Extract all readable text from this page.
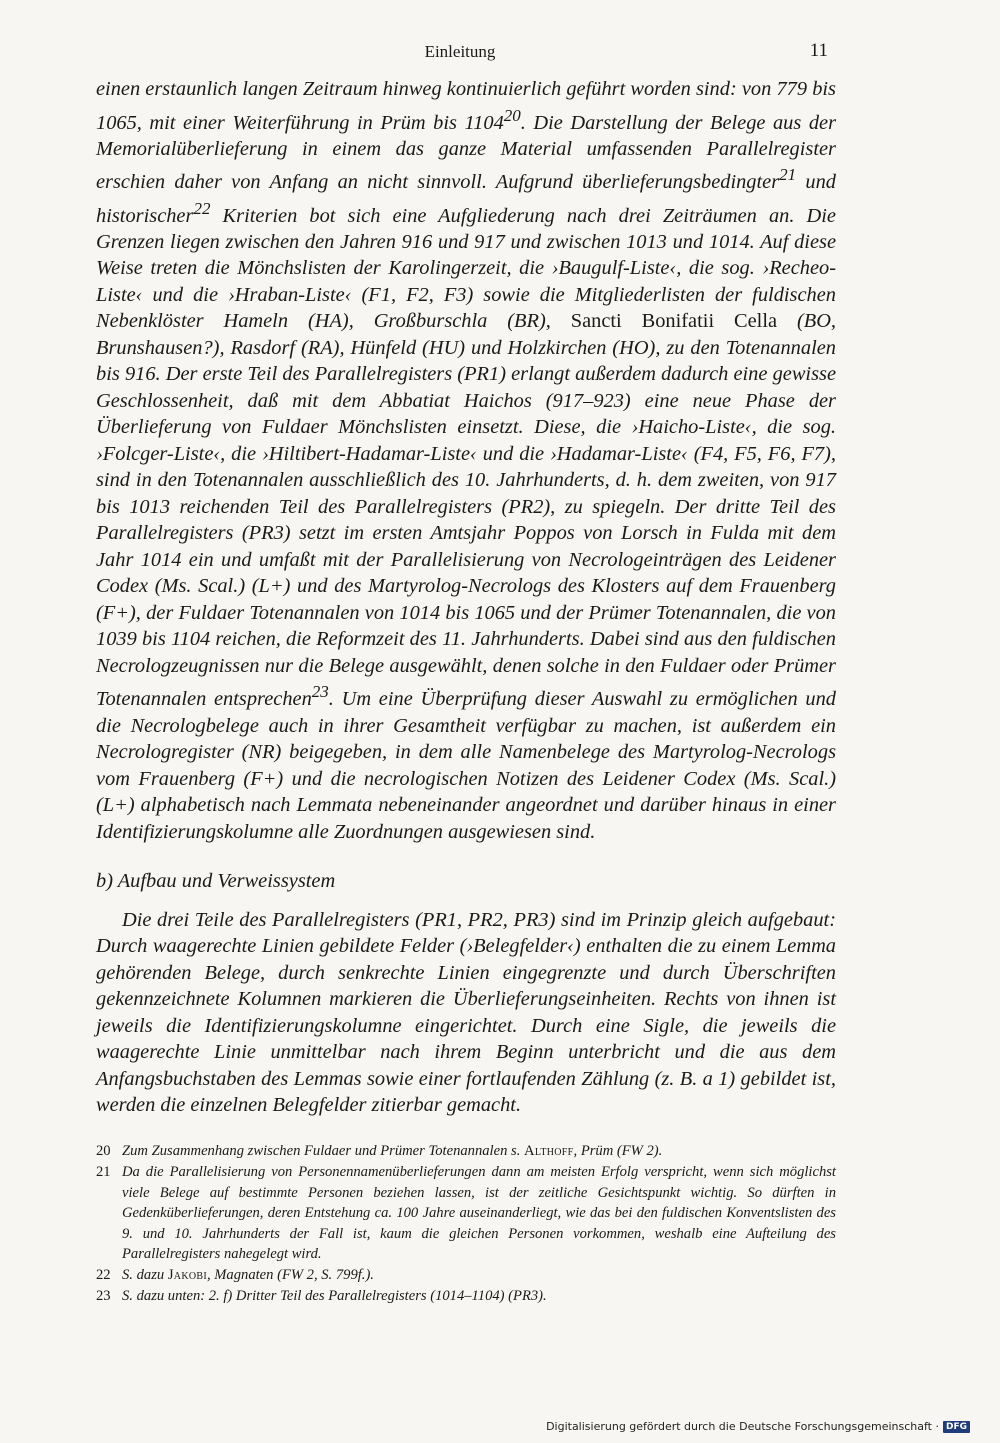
Einleitung	11

einen erstaunlich langen Zeitraum hinweg kontinuierlich geführt worden sind: von 779 bis 1065, mit einer Weiterführung in Prüm bis 1104$^{20}$. Die Darstellung der Belege aus der Memorialüberlieferung in einem das ganze Material umfassenden Parallelregister erschien daher von Anfang an nicht sinnvoll. Aufgrund überlieferungsbedingter$^{21}$ und historischer$^{22}$ Kriterien bot sich eine Aufgliederung nach drei Zeiträumen an. Die Grenzen liegen zwischen den Jahren 916 und 917 und zwischen 1013 und 1014. Auf diese Weise treten die Mönchslisten der Karolingerzeit, die ›Baugulf-Liste‹, die sog. ›Recheo-Liste‹ und die ›Hraban-Liste‹ (F1, F2, F3) sowie die Mitgliederlisten der fuldischen Nebenklöster Hameln (HA), Großburschla (BR), Sancti Bonifatii Cella (BO, Brunshausen?), Rasdorf (RA), Hünfeld (HU) und Holzkirchen (HO), zu den Totenannalen bis 916. Der erste Teil des Parallelregisters (PR1) erlangt außerdem dadurch eine gewisse Geschlossenheit, daß mit dem Abbatiat Haichos (917–923) eine neue Phase der Überlieferung von Fuldaer Mönchslisten einsetzt. Diese, die ›Haicho-Liste‹, die sog. ›Folcger-Liste‹, die ›Hiltibert-Hadamar-Liste‹ und die ›Hadamar-Liste‹ (F4, F5, F6, F7), sind in den Totenannalen ausschließlich des 10. Jahrhunderts, d. h. dem zweiten, von 917 bis 1013 reichenden Teil des Parallelregisters (PR2), zu spiegeln. Der dritte Teil des Parallelregisters (PR3) setzt im ersten Amtsjahr Poppos von Lorsch in Fulda mit dem Jahr 1014 ein und umfaßt mit der Parallelisierung von Necrologeinträgen des Leidener Codex (Ms. Scal.) (L+) und des Martyrolog-Necrologs des Klosters auf dem Frauenberg (F+), der Fuldaer Totenannalen von 1014 bis 1065 und der Prümer Totenannalen, die von 1039 bis 1104 reichen, die Reformzeit des 11. Jahrhunderts. Dabei sind aus den fuldischen Necrologzeugnissen nur die Belege ausgewählt, denen solche in den Fuldaer oder Prümer Totenannalen entsprechen$^{23}$. Um eine Überprüfung dieser Auswahl zu ermöglichen und die Necrologbelege auch in ihrer Gesamtheit verfügbar zu machen, ist außerdem ein Necrologregister (NR) beigegeben, in dem alle Namenbelege des Martyrolog-Necrologs vom Frauenberg (F+) und die necrologischen Notizen des Leidener Codex (Ms. Scal.) (L+) alphabetisch nach Lemmata nebeneinander angeordnet und darüber hinaus in einer Identifizierungskolumne alle Zuordnungen ausgewiesen sind.

b) Aufbau und Verweissystem

Die drei Teile des Parallelregisters (PR1, PR2, PR3) sind im Prinzip gleich aufgebaut: Durch waagerechte Linien gebildete Felder (›Belegfelder‹) enthalten die zu einem Lemma gehörenden Belege, durch senkrechte Linien eingegrenzte und durch Überschriften gekennzeichnete Kolumnen markieren die Überlieferungseinheiten. Rechts von ihnen ist jeweils die Identifizierungskolumne eingerichtet. Durch eine Sigle, die jeweils die waagerechte Linie unmittelbar nach ihrem Beginn unterbricht und die aus dem Anfangsbuchstaben des Lemmas sowie einer fortlaufenden Zählung (z. B. a 1) gebildet ist, werden die einzelnen Belegfelder zitierbar gemacht.

20 Zum Zusammenhang zwischen Fuldaer und Prümer Totenannalen s. Althoff, Prüm (FW 2).
21 Da die Parallelisierung von Personennamenüberlieferungen dann am meisten Erfolg verspricht, wenn sich möglichst viele Belege auf bestimmte Personen beziehen lassen, ist der zeitliche Gesichtspunkt wichtig. So dürften in Gedenküberlieferungen, deren Entstehung ca. 100 Jahre auseinanderliegt, wie das bei den fuldischen Konventslisten des 9. und 10. Jahrhunderts der Fall ist, kaum die gleichen Personen vorkommen, weshalb eine Aufteilung des Parallelregisters nahegelegt wird.
22 S. dazu Jakobi, Magnaten (FW 2, S. 799f.).
23 S. dazu unten: 2. f) Dritter Teil des Parallelregisters (1014–1104) (PR3).
Digitalisierung gefördert durch die Deutsche Forschungsgemeinschaft · DFG
